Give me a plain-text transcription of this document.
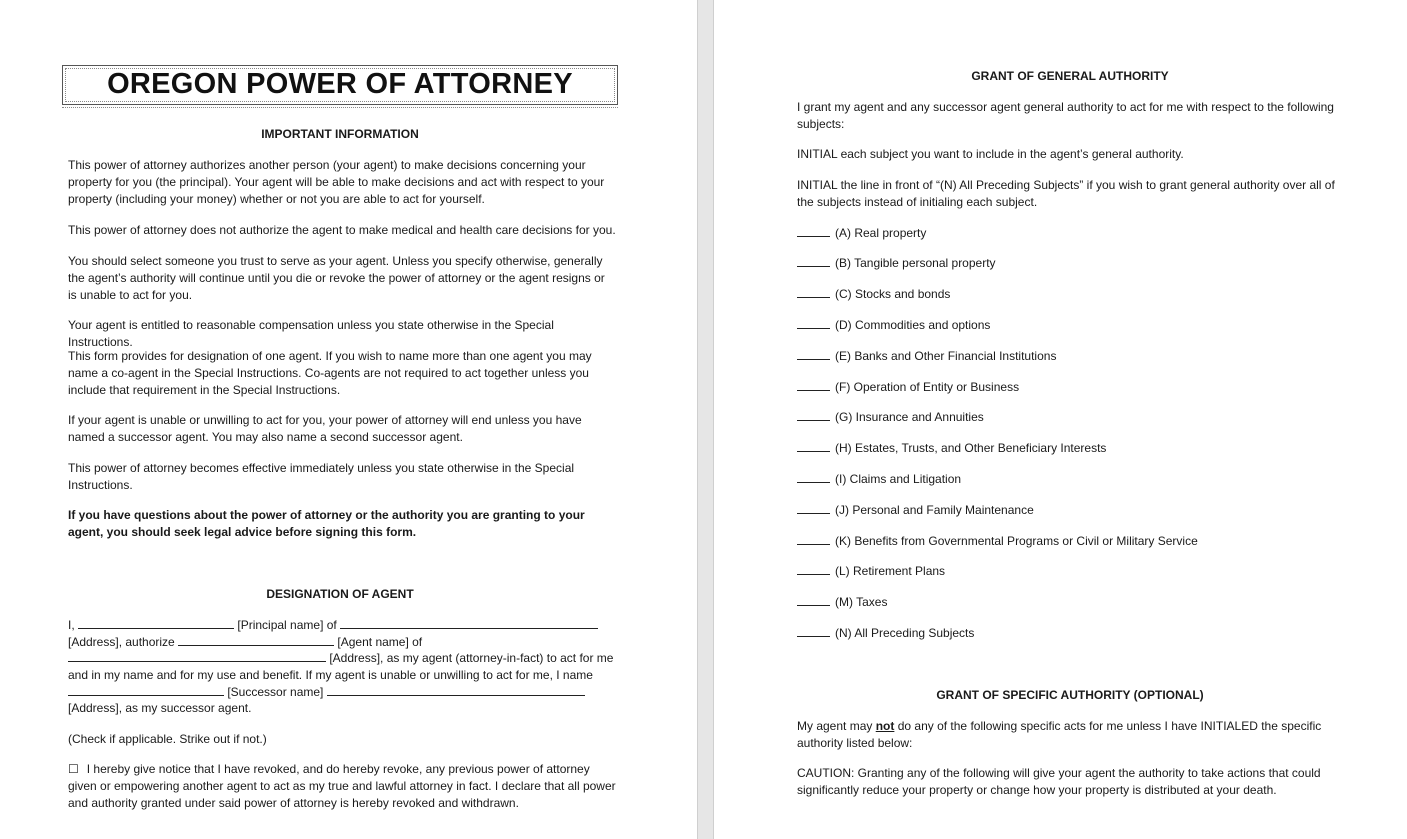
OREGON POWER OF ATTORNEY
IMPORTANT INFORMATION

This power of attorney authorizes another person (your agent) to make decisions concerning your property for you (the principal). Your agent will be able to make decisions and act with respect to your property (including your money) whether or not you are able to act for yourself.

This power of attorney does not authorize the agent to make medical and health care decisions for you.

You should select someone you trust to serve as your agent. Unless you specify otherwise, generally the agent’s authority will continue until you die or revoke the power of attorney or the agent resigns or is unable to act for you.

Your agent is entitled to reasonable compensation unless you state otherwise in the Special Instructions.

This form provides for designation of one agent. If you wish to name more than one agent you may name a co-agent in the Special Instructions. Co-agents are not required to act together unless you include that requirement in the Special Instructions.

If your agent is unable or unwilling to act for you, your power of attorney will end unless you have named a successor agent. You may also name a second successor agent.

This power of attorney becomes effective immediately unless you state otherwise in the Special Instructions.

If you have questions about the power of attorney or the authority you are granting to your agent, you should seek legal advice before signing this form.

DESIGNATION OF AGENT
I,	[Principal name] of
[Address], authorize	[Agent name] of
[Address], as my agent (attorney-in-fact) to act for me
and in my name and for my use and benefit. If my agent is unable or unwilling to act for me, I name
[Successor name]
[Address], as my successor agent.
(Check if applicable. Strike out if not.)

☐ I hereby give notice that I have revoked, and do hereby revoke, any previous power of attorney given or empowering another agent to act as my true and lawful attorney in fact. I declare that all power and authority granted under said power of attorney is hereby revoked and withdrawn.

GRANT OF GENERAL AUTHORITY

I grant my agent and any successor agent general authority to act for me with respect to the following subjects:

INITIAL each subject you want to include in the agent’s general authority.

INITIAL the line in front of “(N) All Preceding Subjects” if you wish to grant general authority over all of the subjects instead of initialing each subject.

(A) Real property
(B) Tangible personal property
(C) Stocks and bonds
(D) Commodities and options
(E) Banks and Other Financial Institutions
(F) Operation of Entity or Business
(G) Insurance and Annuities
(H) Estates, Trusts, and Other Beneficiary Interests
(I) Claims and Litigation
(J) Personal and Family Maintenance
(K) Benefits from Governmental Programs or Civil or Military Service
(L) Retirement Plans
(M) Taxes
(N) All Preceding Subjects
GRANT OF SPECIFIC AUTHORITY (OPTIONAL)

My agent may not do any of the following specific acts for me unless I have INITIALED the specific authority listed below:

CAUTION: Granting any of the following will give your agent the authority to take actions that could significantly reduce your property or change how your property is distributed at your death.
